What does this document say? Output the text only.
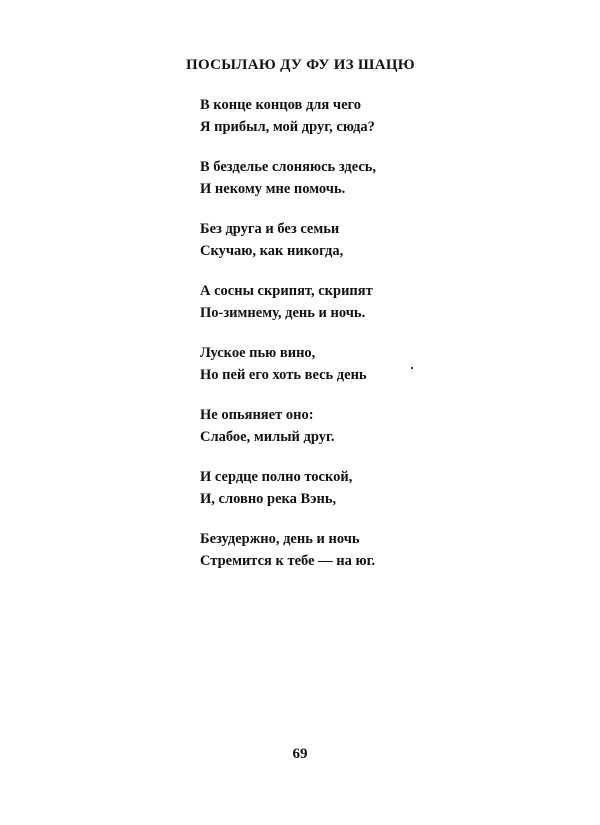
ПОСЫЛАЮ ДУ ФУ ИЗ ШАЦЮ
В конце концов для чего
Я прибыл, мой друг, сюда?
В безделье слоняюсь здесь,
И некому мне помочь.
Без друга и без семьи
Скучаю, как никогда,
А сосны скрипят, скрипят
По-зимнему, день и ночь.
Луское пью вино,
Но пей его хоть весь день
Не опьяняет оно:
Слабое, милый друг.
И сердце полно тоской,
И, словно река Вэнь,
Безудержно, день и ночь
Стремится к тебе — на юг.
69
